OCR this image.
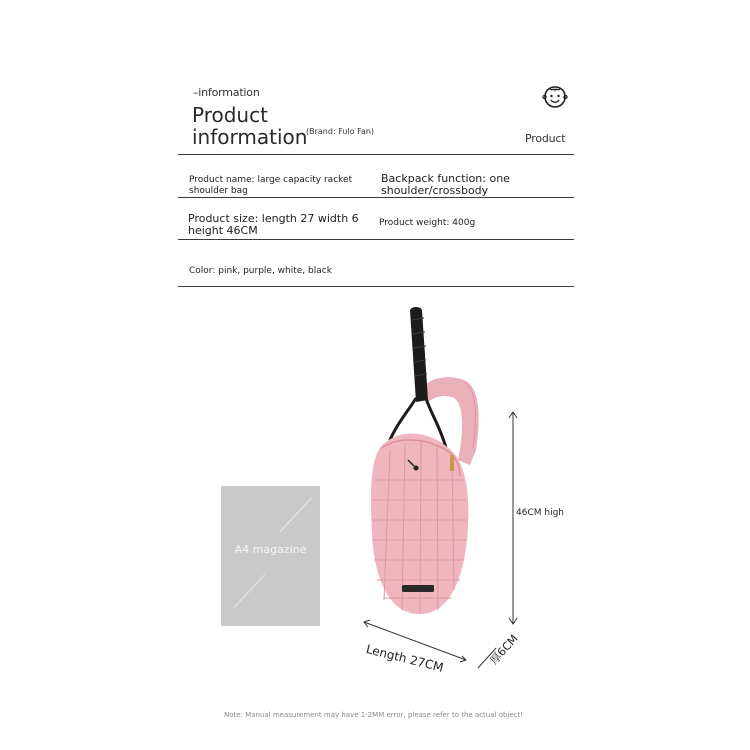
–information
Product information
(Brand: Fulo Fan)
Product
Product name: large capacity racket shoulder bag
Backpack function: one shoulder/crossbody
Product size: length 27 width 6 height 46CM
Product weight: 400g
Color: pink, purple, white, black
A4 magazine
46CM high
Length 27CM	厚6CM
Note: Manual measurement may have 1-2MM error, please refer to the actual object!
